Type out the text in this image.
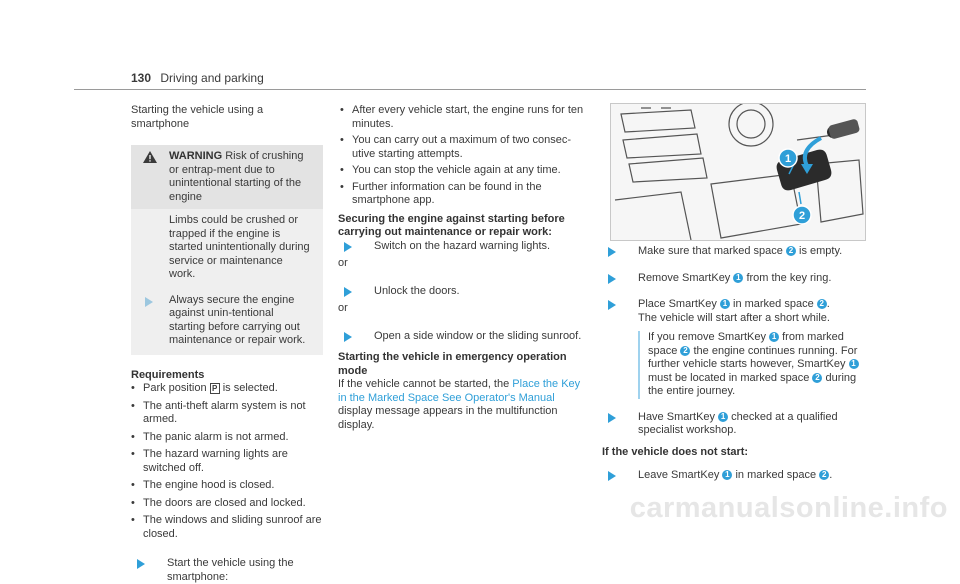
130 Driving and parking

Starting the vehicle using a smartphone

WARNING Risk of crushing or entrap-ment due to unintentional starting of the engine
Limbs could be crushed or trapped if the engine is started unintentionally during service or maintenance work.
Always secure the engine against unin-tentional starting before carrying out maintenance or repair work.

Requirements

• Park position P is selected.
• The anti-theft alarm system is not armed.
• The panic alarm is not armed.
• The hazard warning lights are switched off.
• The engine hood is closed.
• The doors are closed and locked.
• The windows and sliding sunroof are closed.
Start the vehicle using the smartphone:
• After every vehicle start, the engine runs for ten minutes.
• You can carry out a maximum of two consec-utive starting attempts.
• You can stop the vehicle again at any time.
• Further information can be found in the smartphone app.

Securing the engine against starting before carrying out maintenance or repair work:

Switch on the hazard warning lights.

or

Unlock the doors.

or

Open a side window or the sliding sunroof.

Starting the vehicle in emergency operation mode

If the vehicle cannot be started, the Place the Key in the Marked Space See Operator's Manual display message appears in the multifunction display.

1
2
Make sure that marked space 2 is empty.
Remove SmartKey 1 from the key ring.
Place SmartKey 1 in marked space 2 .
The vehicle will start after a short while.
If you remove SmartKey 1 from marked space 2 the engine continues running. For further vehicle starts however, SmartKey 1 must be located in marked space 2 during the entire journey.
Have SmartKey 1 checked at a qualified specialist workshop.

If the vehicle does not start:

Leave SmartKey 1 in marked space 2 .
carmanualsonline.info
